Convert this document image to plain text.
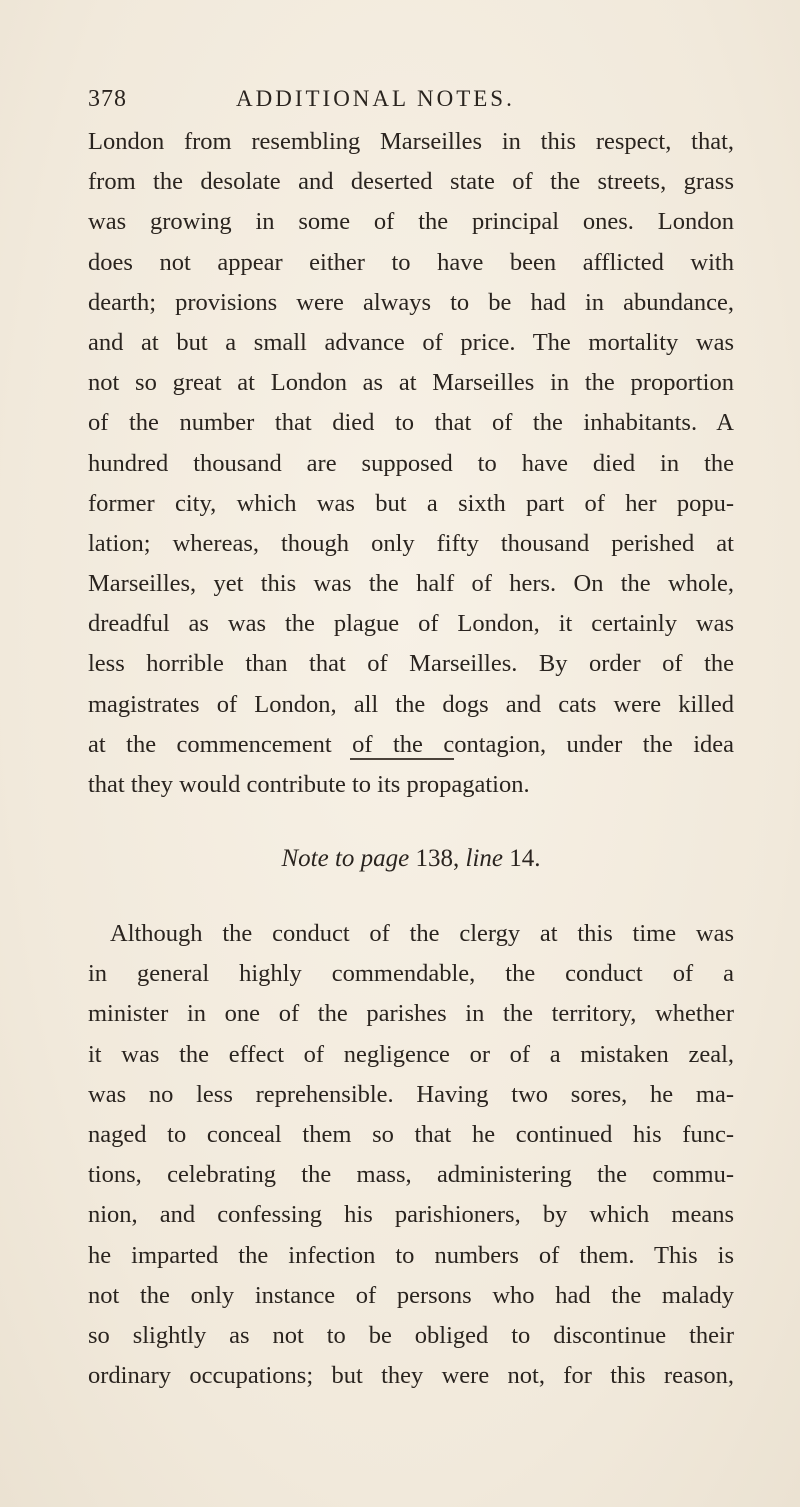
378	ADDITIONAL NOTES.

London from resembling Marseilles in this respect, that,
from the desolate and deserted state of the streets, grass
was growing in some of the principal ones. London
does not appear either to have been afflicted with
dearth; provisions were always to be had in abundance,
and at but a small advance of price. The mortality was
not so great at London as at Marseilles in the proportion
of the number that died to that of the inhabitants. A
hundred thousand are supposed to have died in the
former city, which was but a sixth part of her popu-
lation; whereas, though only fifty thousand perished at
Marseilles, yet this was the half of hers. On the whole,
dreadful as was the plague of London, it certainly was
less horrible than that of Marseilles. By order of the
magistrates of London, all the dogs and cats were killed
at the commencement of the contagion, under the idea
that they would contribute to its propagation.

Note to page 138, line 14.

Although the conduct of the clergy at this time was
in general highly commendable, the conduct of a
minister in one of the parishes in the territory, whether
it was the effect of negligence or of a mistaken zeal,
was no less reprehensible. Having two sores, he ma-
naged to conceal them so that he continued his func-
tions, celebrating the mass, administering the commu-
nion, and confessing his parishioners, by which means
he imparted the infection to numbers of them. This is
not the only instance of persons who had the malady
so slightly as not to be obliged to discontinue their
ordinary occupations; but they were not, for this reason,
